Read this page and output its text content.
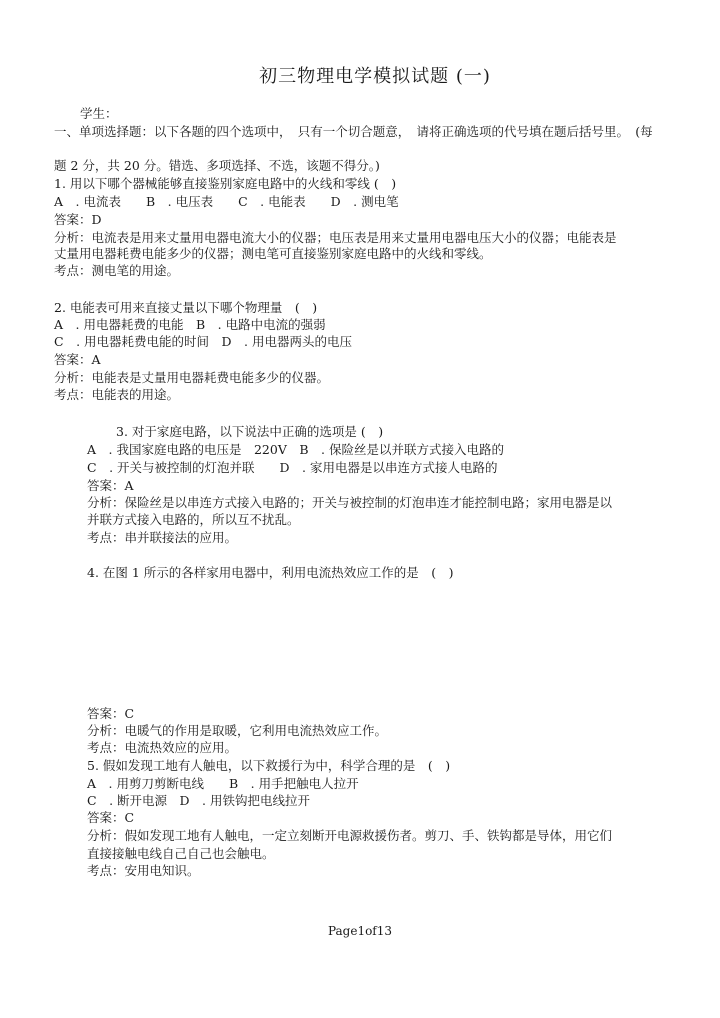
初三物理电学模拟试题 (一)
学生：
一、单项选择题：以下各题的四个选项中，　只有一个切合题意，　请将正确选项的代号填在题后括号里。　(每
题 2 分，共 20 分。错选、多项选择、不选，该题不得分。)
1. 用以下哪个器械能够直接鉴别家庭电路中的火线和零线 (　)
A　. 电流表　　B　. 电压表　　C　. 电能表　　D　. 测电笔
答案：D
分析：电流表是用来丈量用电器电流大小的仪器；电压表是用来丈量用电器电压大小的仪器；电能表是
丈量用电器耗费电能多少的仪器；测电笔可直接鉴别家庭电路中的火线和零线。
考点：测电笔的用途。
2. 电能表可用来直接丈量以下哪个物理量　(　)
A　. 用电器耗费的电能　B　. 电路中电流的强弱
C　. 用电器耗费电能的时间　D　. 用电器两头的电压
答案：A
分析：电能表是丈量用电器耗费电能多少的仪器。
考点：电能表的用途。
3. 对于家庭电路，以下说法中正确的选项是 (　)
A　. 我国家庭电路的电压是　220V　B　. 保险丝是以并联方式接入电路的
C　. 开关与被控制的灯泡并联　　D　. 家用电器是以串连方式接人电路的
答案：A
分析：保险丝是以串连方式接入电路的；开关与被控制的灯泡串连才能控制电路；家用电器是以
并联方式接入电路的，所以互不扰乱。
考点：串并联接法的应用。
4. 在图 1 所示的各样家用电器中，利用电流热效应工作的是　(　)
答案：C
分析：电暖气的作用是取暖，它利用电流热效应工作。
考点：电流热效应的应用。
5. 假如发现工地有人触电，以下救援行为中，科学合理的是　(　)
A　. 用剪刀剪断电线　　B　. 用手把触电人拉开
C　. 断开电源　D　. 用铁钩把电线拉开
答案：C
分析：假如发现工地有人触电，一定立刻断开电源救援伤者。剪刀、手、铁钩都是导体，用它们
直接接触电线自己自己也会触电。
考点：安用电知识。
Page1of13
